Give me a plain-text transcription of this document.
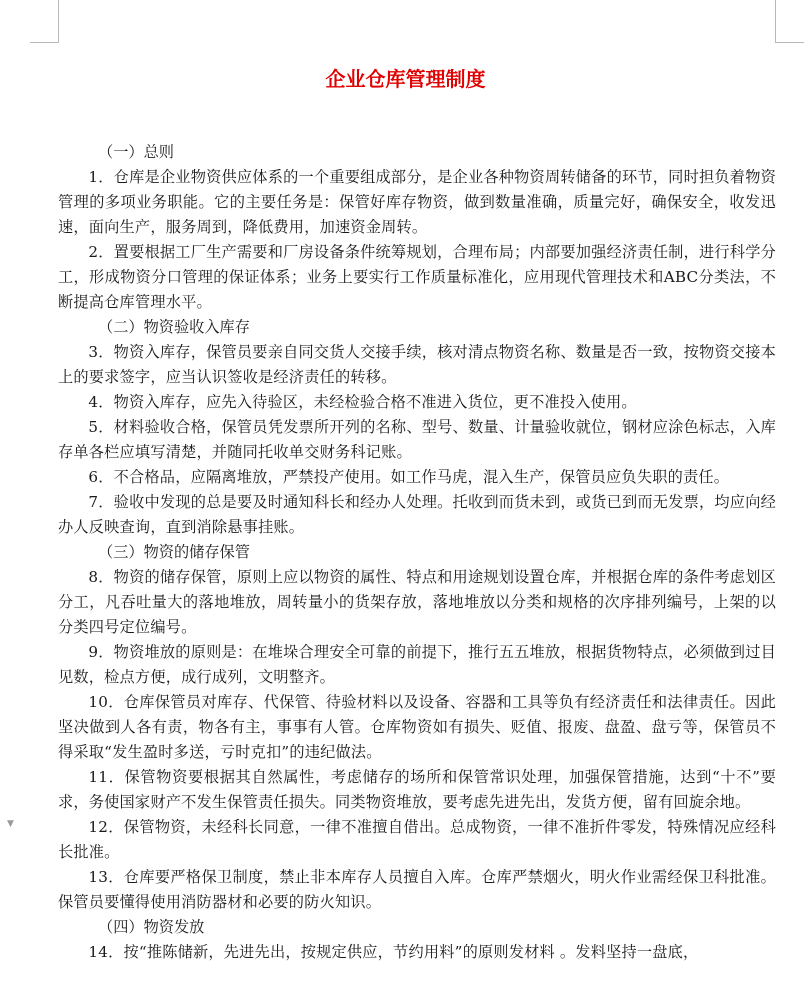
▼
企业仓库管理制度

（一）总则

1．仓库是企业物资供应体系的一个重要组成部分，是企业各种物资周转储备的环节，同时担负着物资管理的多项业务职能。它的主要任务是：保管好库存物资，做到数量准确，质量完好，确保安全，收发迅速，面向生产，服务周到，降低费用，加速资金周转。

2．置要根据工厂生产需要和厂房设备条件统筹规划，合理布局；内部要加强经济责任制，进行科学分工，形成物资分口管理的保证体系；业务上要实行工作质量标准化，应用现代管理技术和ABC分类法，不断提高仓库管理水平。

（二）物资验收入库存

3．物资入库存，保管员要亲自同交货人交接手续，核对清点物资名称、数量是否一致，按物资交接本上的要求签字，应当认识签收是经济责任的转移。

4．物资入库存，应先入待验区，未经检验合格不准进入货位，更不准投入使用。

5．材料验收合格，保管员凭发票所开列的名称、型号、数量、计量验收就位，钢材应涂色标志，入库存单各栏应填写清楚，并随同托收单交财务科记账。

6．不合格品，应隔离堆放，严禁投产使用。如工作马虎，混入生产，保管员应负失职的责任。

7．验收中发现的总是要及时通知科长和经办人处理。托收到而货未到，或货已到而无发票，均应向经办人反映查询，直到消除悬事挂账。

（三）物资的储存保管

8．物资的储存保管，原则上应以物资的属性、特点和用途规划设置仓库，并根据仓库的条件考虑划区分工，凡吞吐量大的落地堆放，周转量小的货架存放，落地堆放以分类和规格的次序排列编号，上架的以分类四号定位编号。

9．物资堆放的原则是：在堆垛合理安全可靠的前提下，推行五五堆放，根据货物特点，必须做到过目见数，检点方便，成行成列，文明整齐。

10．仓库保管员对库存、代保管、待验材料以及设备、容器和工具等负有经济责任和法律责任。因此坚决做到人各有责，物各有主，事事有人管。仓库物资如有损失、贬值、报废、盘盈、盘亏等，保管员不得采取“发生盈时多送，亏时克扣”的违纪做法。

11．保管物资要根据其自然属性，考虑储存的场所和保管常识处理，加强保管措施，达到“十不”要求，务使国家财产不发生保管责任损失。同类物资堆放，要考虑先进先出，发货方便，留有回旋余地。

12．保管物资，未经科长同意，一律不准擅自借出。总成物资，一律不准折件零发，特殊情况应经科长批准。

13．仓库要严格保卫制度，禁止非本库存人员擅自入库。仓库严禁烟火，明火作业需经保卫科批准。保管员要懂得使用消防器材和必要的防火知识。

（四）物资发放

14．按“推陈储新，先进先出，按规定供应，节约用料”的原则发材料 。发料坚持一盘底，
